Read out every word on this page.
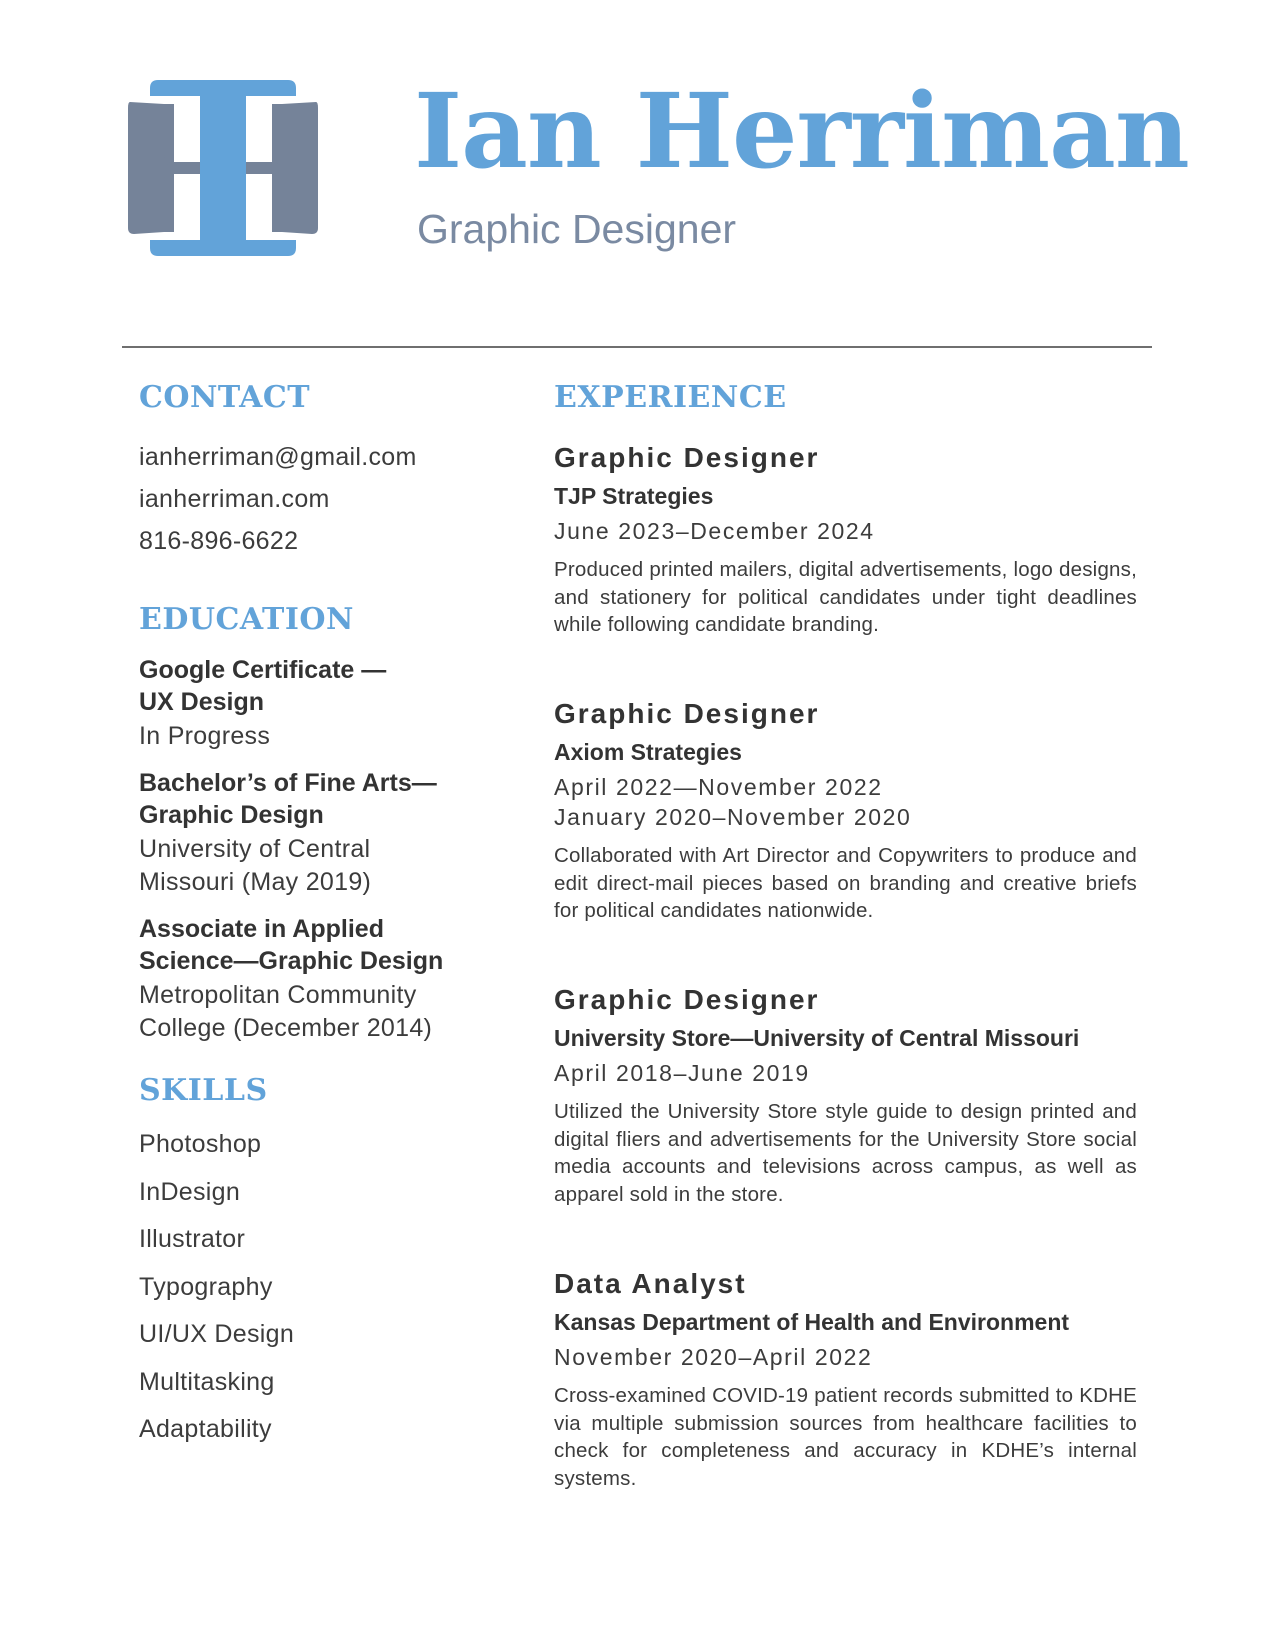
Ian Herriman
Graphic Designer
CONTACT

ianherriman@gmail.com

ianherriman.com

816-896-6622

EDUCATION

Google Certificate —

UX Design

In Progress

Bachelor’s of Fine Arts—

Graphic Design

University of Central

Missouri (May 2019)

Associate in Applied

Science—Graphic Design

Metropolitan Community

College (December 2014)

SKILLS

Photoshop

InDesign

Illustrator

Typography

UI/UX Design

Multitasking

Adaptability

EXPERIENCE

Graphic Designer

TJP Strategies

June 2023–December 2024

Produced printed mailers, digital advertisements, logo designs, and stationery for political candidates under tight deadlines while following candidate branding.

Graphic Designer

Axiom Strategies

April 2022—November 2022

January 2020–November 2020

Collaborated with Art Director and Copywriters to produce and edit direct-mail pieces based on branding and creative briefs for political candidates nationwide.

Graphic Designer

University Store—University of Central Missouri

April 2018–June 2019

Utilized the University Store style guide to design printed and digital fliers and advertisements for the University Store social media accounts and televisions across campus, as well as apparel sold in the store.

Data Analyst

Kansas Department of Health and Environment

November 2020–April 2022

Cross-examined COVID-19 patient records submitted to KDHE via multiple submission sources from healthcare facilities to check for completeness and accuracy in KDHE’s internal systems.
